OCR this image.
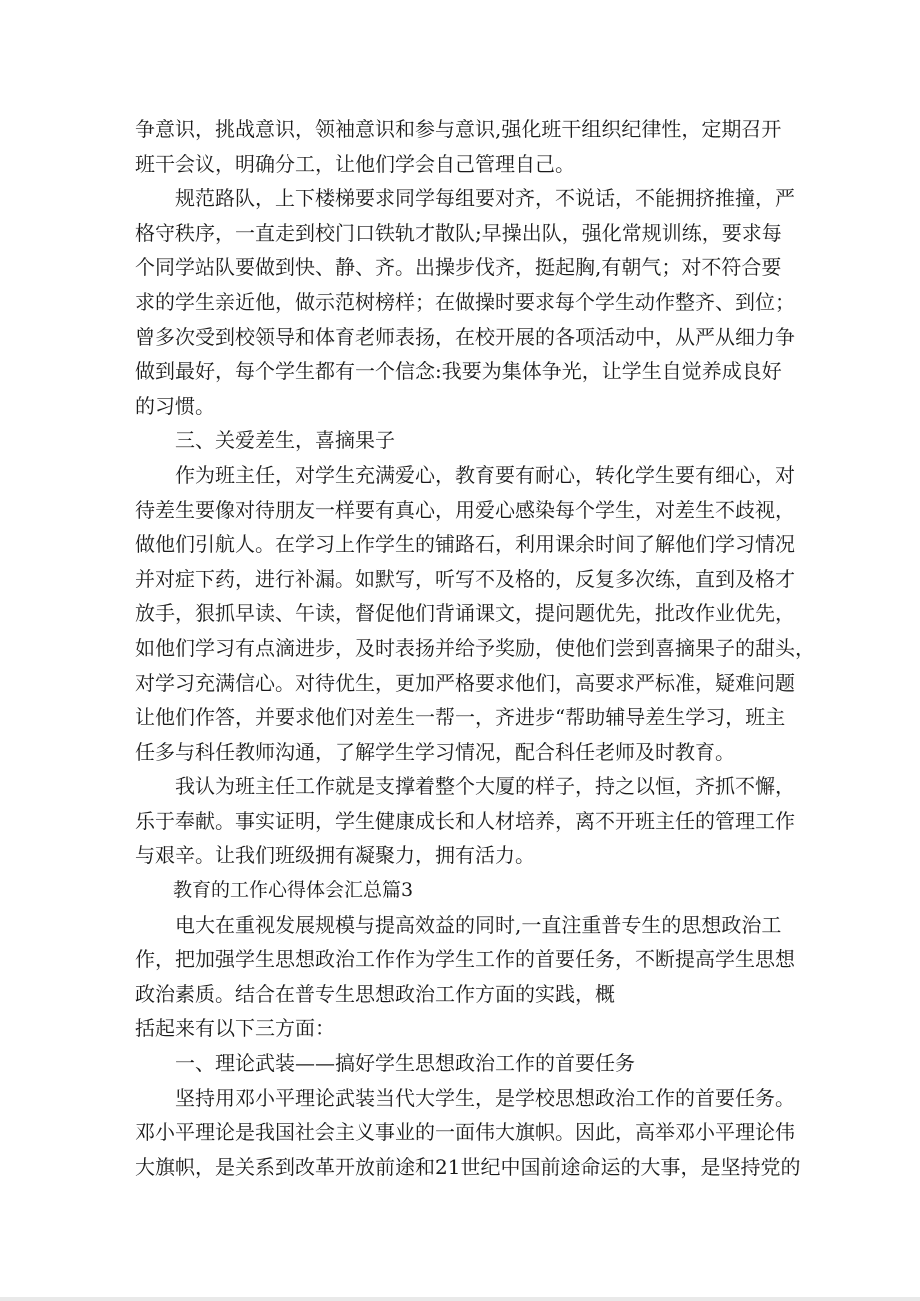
争意识，挑战意识，领袖意识和参与意识,强化班干组织纪律性，定期召开
班干会议，明确分工，让他们学会自己管理自己。
　　规范路队，上下楼梯要求同学每组要对齐，不说话，不能拥挤推撞，严
格守秩序，一直走到校门口铁轨才散队;早操出队，强化常规训练，要求每
个同学站队要做到快、静、齐。出操步伐齐，挺起胸,有朝气；对不符合要
求的学生亲近他，做示范树榜样；在做操时要求每个学生动作整齐、到位；
曾多次受到校领导和体育老师表扬，在校开展的各项活动中，从严从细力争
做到最好，每个学生都有一个信念:我要为集体争光，让学生自觉养成良好
的习惯。
　　三、关爱差生，喜摘果子
　　作为班主任，对学生充满爱心，教育要有耐心，转化学生要有细心，对
待差生要像对待朋友一样要有真心，用爱心感染每个学生，对差生不歧视，
做他们引航人。在学习上作学生的铺路石，利用课余时间了解他们学习情况
并对症下药，进行补漏。如默写，听写不及格的，反复多次练，直到及格才
放手，狠抓早读、午读，督促他们背诵课文，提问题优先，批改作业优先，
如他们学习有点滴进步，及时表扬并给予奖励，使他们尝到喜摘果子的甜头，
对学习充满信心。对待优生，更加严格要求他们，高要求严标准，疑难问题
让他们作答，并要求他们对差生一帮一，齐进步“帮助辅导差生学习，班主
任多与科任教师沟通，了解学生学习情况，配合科任老师及时教育。
　　我认为班主任工作就是支撑着整个大厦的样子，持之以恒，齐抓不懈，
乐于奉献。事实证明，学生健康成长和人材培养，离不开班主任的管理工作
与艰辛。让我们班级拥有凝聚力，拥有活力。
　　教育的工作心得体会汇总篇3
　　电大在重视发展规模与提高效益的同时,一直注重普专生的思想政治工
作，把加强学生思想政治工作作为学生工作的首要任务，不断提高学生思想
政治素质。结合在普专生思想政治工作方面的实践，概
括起来有以下三方面：
　　一、理论武装——搞好学生思想政治工作的首要任务
　　坚持用邓小平理论武装当代大学生，是学校思想政治工作的首要任务。
邓小平理论是我国社会主义事业的一面伟大旗帜。因此，高举邓小平理论伟
大旗帜，是关系到改革开放前途和21世纪中国前途命运的大事，是坚持党的
